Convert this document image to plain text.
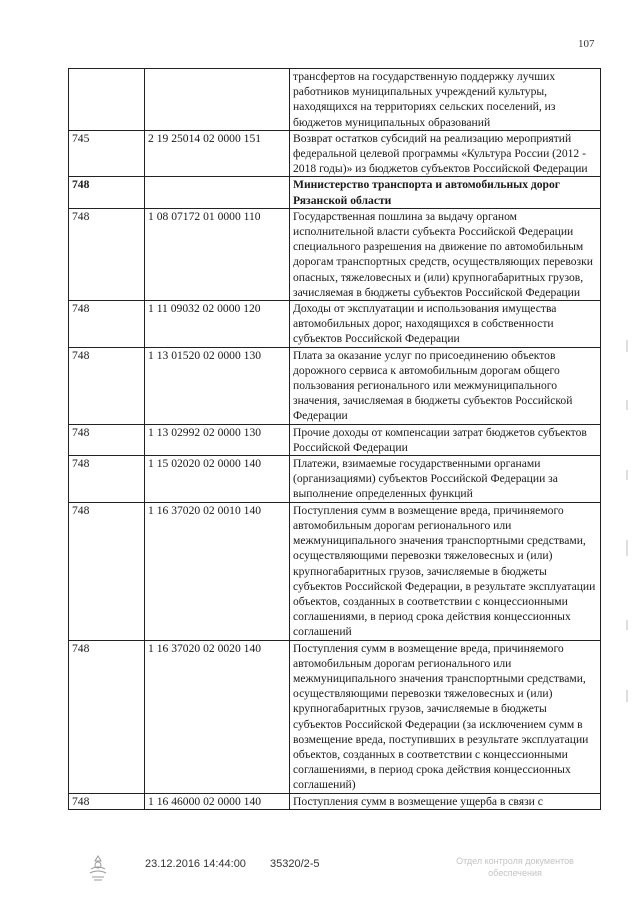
107
		трансфертов на государственную поддержку лучших работников муниципальных учреждений культуры, находящихся на территориях сельских поселений, из бюджетов муниципальных образований
745	2 19 25014 02 0000 151	Возврат остатков субсидий на реализацию мероприятий федеральной целевой программы «Культура России (2012 - 2018 годы)» из бюджетов субъектов Российской Федерации
748		Министерство транспорта и автомобильных дорог Рязанской области
748	1 08 07172 01 0000 110	Государственная пошлина за выдачу органом исполнительной власти субъекта Российской Федерации специального разрешения на движение по автомобильным дорогам транспортных средств, осуществляющих перевозки опасных, тяжеловесных и (или) крупногабаритных грузов, зачисляемая в бюджеты субъектов Российской Федерации
748	1 11 09032 02 0000 120	Доходы от эксплуатации и использования имущества автомобильных дорог, находящихся в собственности субъектов Российской Федерации
748	1 13 01520 02 0000 130	Плата за оказание услуг по присоединению объектов дорожного сервиса к автомобильным дорогам общего пользования регионального или межмуниципального значения, зачисляемая в бюджеты субъектов Российской Федерации
748	1 13 02992 02 0000 130	Прочие доходы от компенсации затрат бюджетов субъектов Российской Федерации
748	1 15 02020 02 0000 140	Платежи, взимаемые государственными органами (организациями) субъектов Российской Федерации за выполнение определенных функций
748	1 16 37020 02 0010 140	Поступления сумм в возмещение вреда, причиняемого автомобильным дорогам регионального или межмуниципального значения транспортными средствами, осуществляющими перевозки тяжеловесных и (или) крупногабаритных грузов, зачисляемые в бюджеты субъектов Российской Федерации, в результате эксплуатации объектов, созданных в соответствии с концессионными соглашениями, в период срока действия концессионных соглашений
748	1 16 37020 02 0020 140	Поступления сумм в возмещение вреда, причиняемого автомобильным дорогам регионального или межмуниципального значения транспортными средствами, осуществляющими перевозки тяжеловесных и (или) крупногабаритных грузов, зачисляемые в бюджеты субъектов Российской Федерации (за исключением сумм в возмещение вреда, поступивших в результате эксплуатации объектов, созданных в соответствии с концессионными соглашениями, в период срока действия концессионных соглашений)
748	1 16 46000 02 0000 140	Поступления сумм в возмещение ущерба в связи с
23.12.2016 14:44:00 35320/2-5	Отдел контроля документов обеспечения
